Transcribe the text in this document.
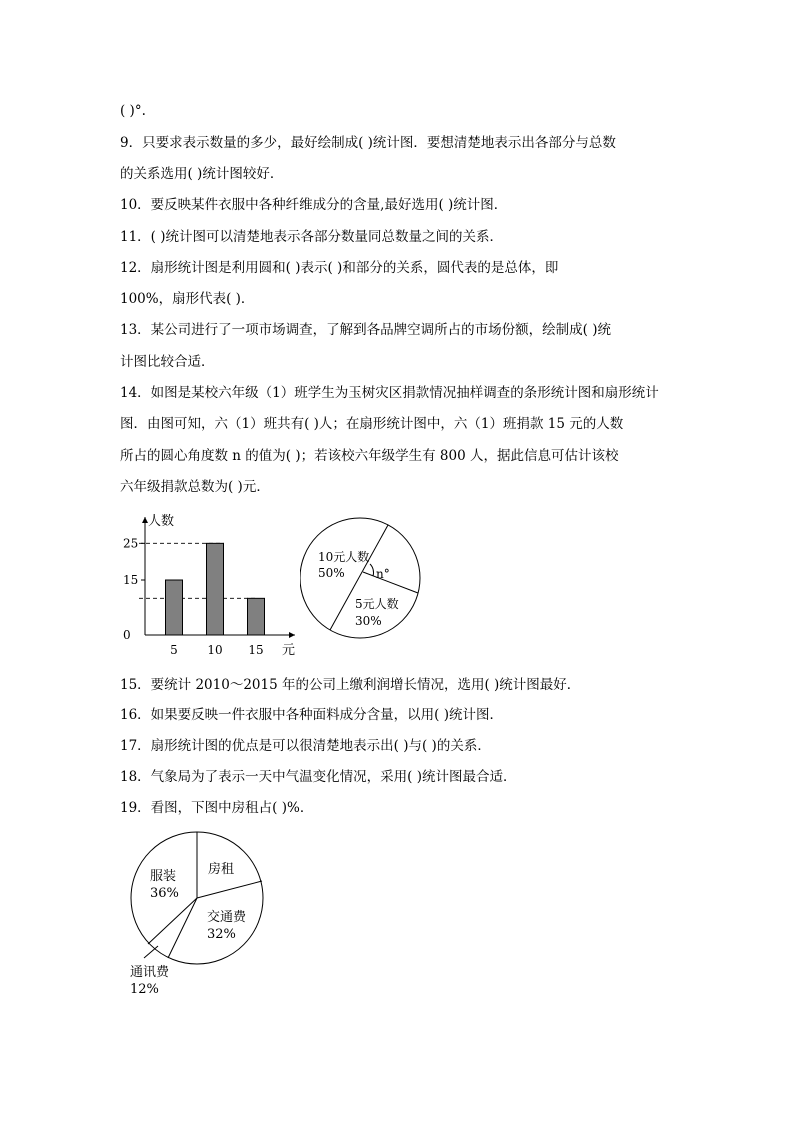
( )°.
9．只要求表示数量的多少，最好绘制成( )统计图．要想清楚地表示出各部分与总数
的关系选用( )统计图较好．
10．要反映某件衣服中各种纤维成分的含量,最好选用( )统计图．
11．( )统计图可以清楚地表示各部分数量同总数量之间的关系．
12．扇形统计图是利用圆和( )表示( )和部分的关系，圆代表的是总体，即
100%，扇形代表( )．
13．某公司进行了一项市场调查，了解到各品牌空调所占的市场份额，绘制成( )统
计图比较合适．
14．如图是某校六年级（1）班学生为玉树灾区捐款情况抽样调查的条形统计图和扇形统计
图．由图可知，六（1）班共有( )人；在扇形统计图中，六（1）班捐款 15 元的人数
所占的圆心角度数 n 的值为( )；若该校六年级学生有 800 人，据此信息可估计该校
六年级捐款总数为( )元．
15．要统计 2010～2015 年的公司上缴利润增长情况，选用( )统计图最好．
16．如果要反映一件衣服中各种面料成分含量，以用( )统计图．
17．扇形统计图的优点是可以很清楚地表示出( )与( )的关系．
18．气象局为了表示一天中气温变化情况，采用( )统计图最合适．
19．看图，下图中房租占( )%．
5 10 15
25
15
0
人数
元
n°
10元人数
50%
5元人数
30%
服装
36%
房租
交通费
32%
通讯费
12%
